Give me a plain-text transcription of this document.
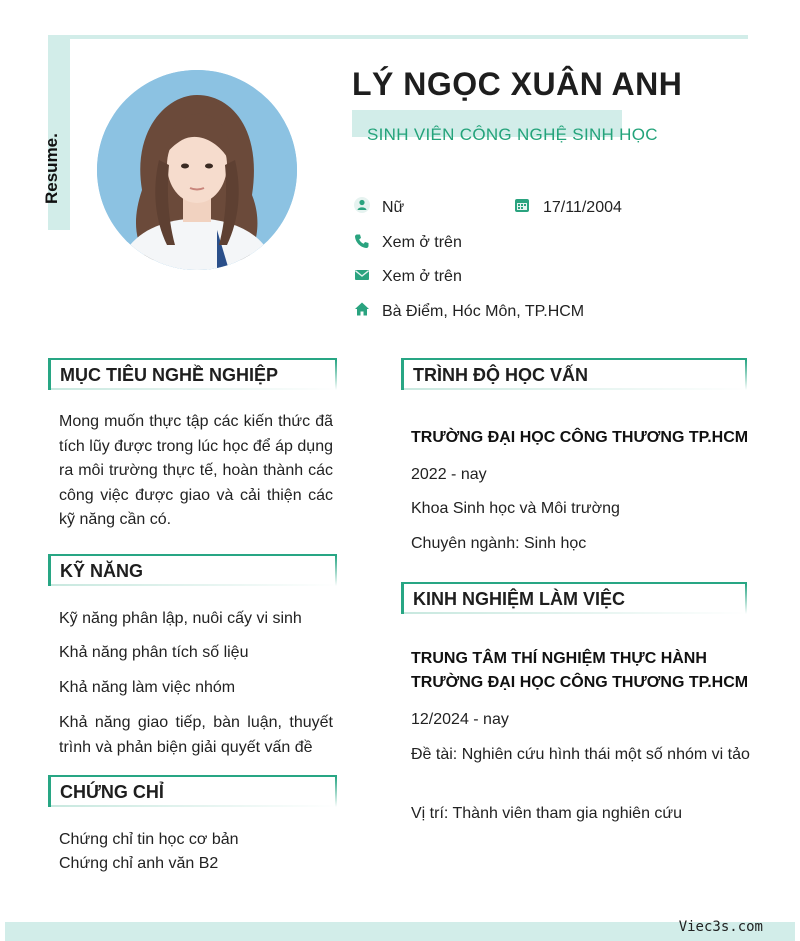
Resume.
LÝ NGỌC XUÂN ANH
SINH VIÊN CÔNG NGHỆ SINH HỌC
Nữ	17/11/2004
Xem ở trên
Xem ở trên
Bà Điểm, Hóc Môn, TP.HCM
MỤC TIÊU NGHỀ NGHIỆP
Mong muốn thực tập các kiến thức đã tích lũy được trong lúc học để áp dụng ra môi trường thực tế, hoàn thành các công việc được giao và cải thiện các kỹ năng cần có.
KỸ NĂNG
Kỹ năng phân lập, nuôi cấy vi sinh
Khả năng phân tích số liệu
Khả năng làm việc nhóm
Khả năng giao tiếp, bàn luận, thuyết trình và phản biện giải quyết vấn đề
CHỨNG CHỈ
Chứng chỉ tin học cơ bản
Chứng chỉ anh văn B2
TRÌNH ĐỘ HỌC VẤN
TRƯỜNG ĐẠI HỌC CÔNG THƯƠNG TP.HCM
2022 - nay
Khoa Sinh học và Môi trường
Chuyên ngành: Sinh học
KINH NGHIỆM LÀM VIỆC
TRUNG TÂM THÍ NGHIỆM THỰC HÀNH
TRƯỜNG ĐẠI HỌC CÔNG THƯƠNG TP.HCM
12/2024 - nay
Đề tài: Nghiên cứu hình thái một số nhóm vi tảo
Vị trí: Thành viên tham gia nghiên cứu
Viec3s.com
